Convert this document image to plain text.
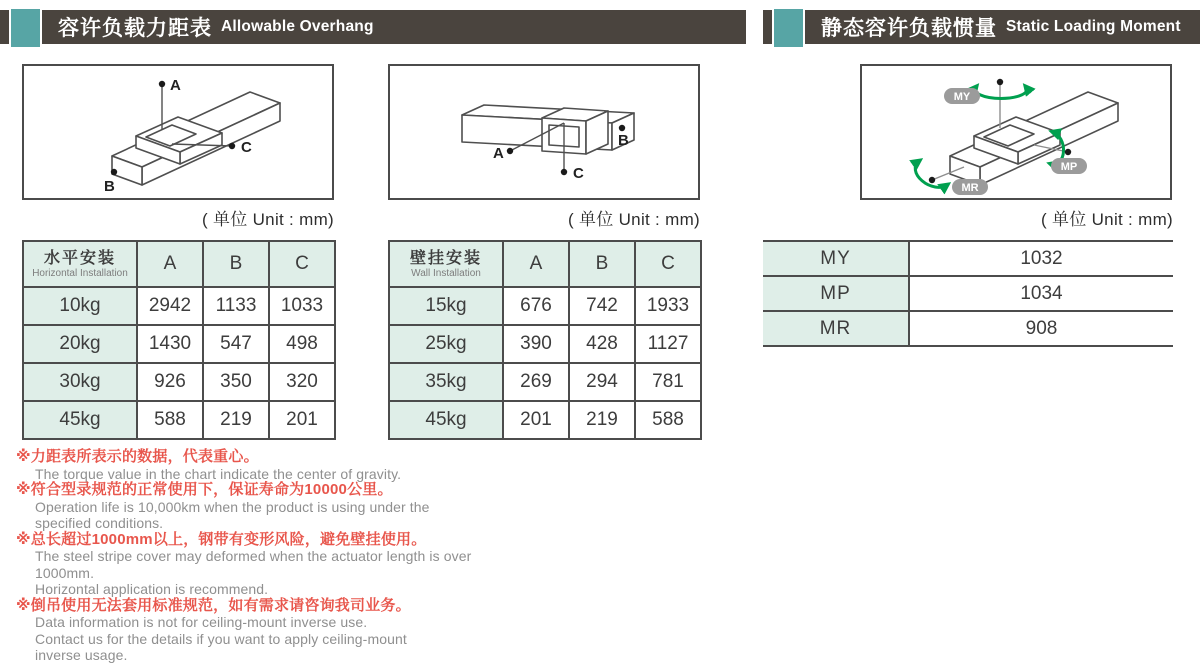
容许负载力距表 Allowable Overhang	静态容许负载惯量 Static Loading Moment
A
B
C
( 单位 Unit : mm)
A
B
C
( 单位 Unit : mm)
MY
MP
MR
( 单位 Unit : mm)
水平安装
Horizontal Installation	A	B	C
10kg	2942	1133	1033
20kg	1430	547	498
30kg	926	350	320
45kg	588	219	201
壁挂安装
Wall Installation	A	B	C
15kg	676	742	1933
25kg	390	428	1127
35kg	269	294	781
45kg	201	219	588
MY	1032
MP	1034
MR	908
※力距表所表示的数据，代表重心。
The torque value in the chart indicate the center of gravity.
※符合型录规范的正常使用下，保证寿命为10000公里。
Operation life is 10,000km when the product is using under the
specified conditions.
※总长超过1000mm以上，钢带有变形风险，避免壁挂使用。
The steel stripe cover may deformed when the actuator length is over 1000mm.
Horizontal application is recommend.
※倒吊使用无法套用标准规范，如有需求请咨询我司业务。
Data information is not for ceiling-mount inverse use.
Contact us for the details if you want to apply ceiling-mount
inverse usage.
